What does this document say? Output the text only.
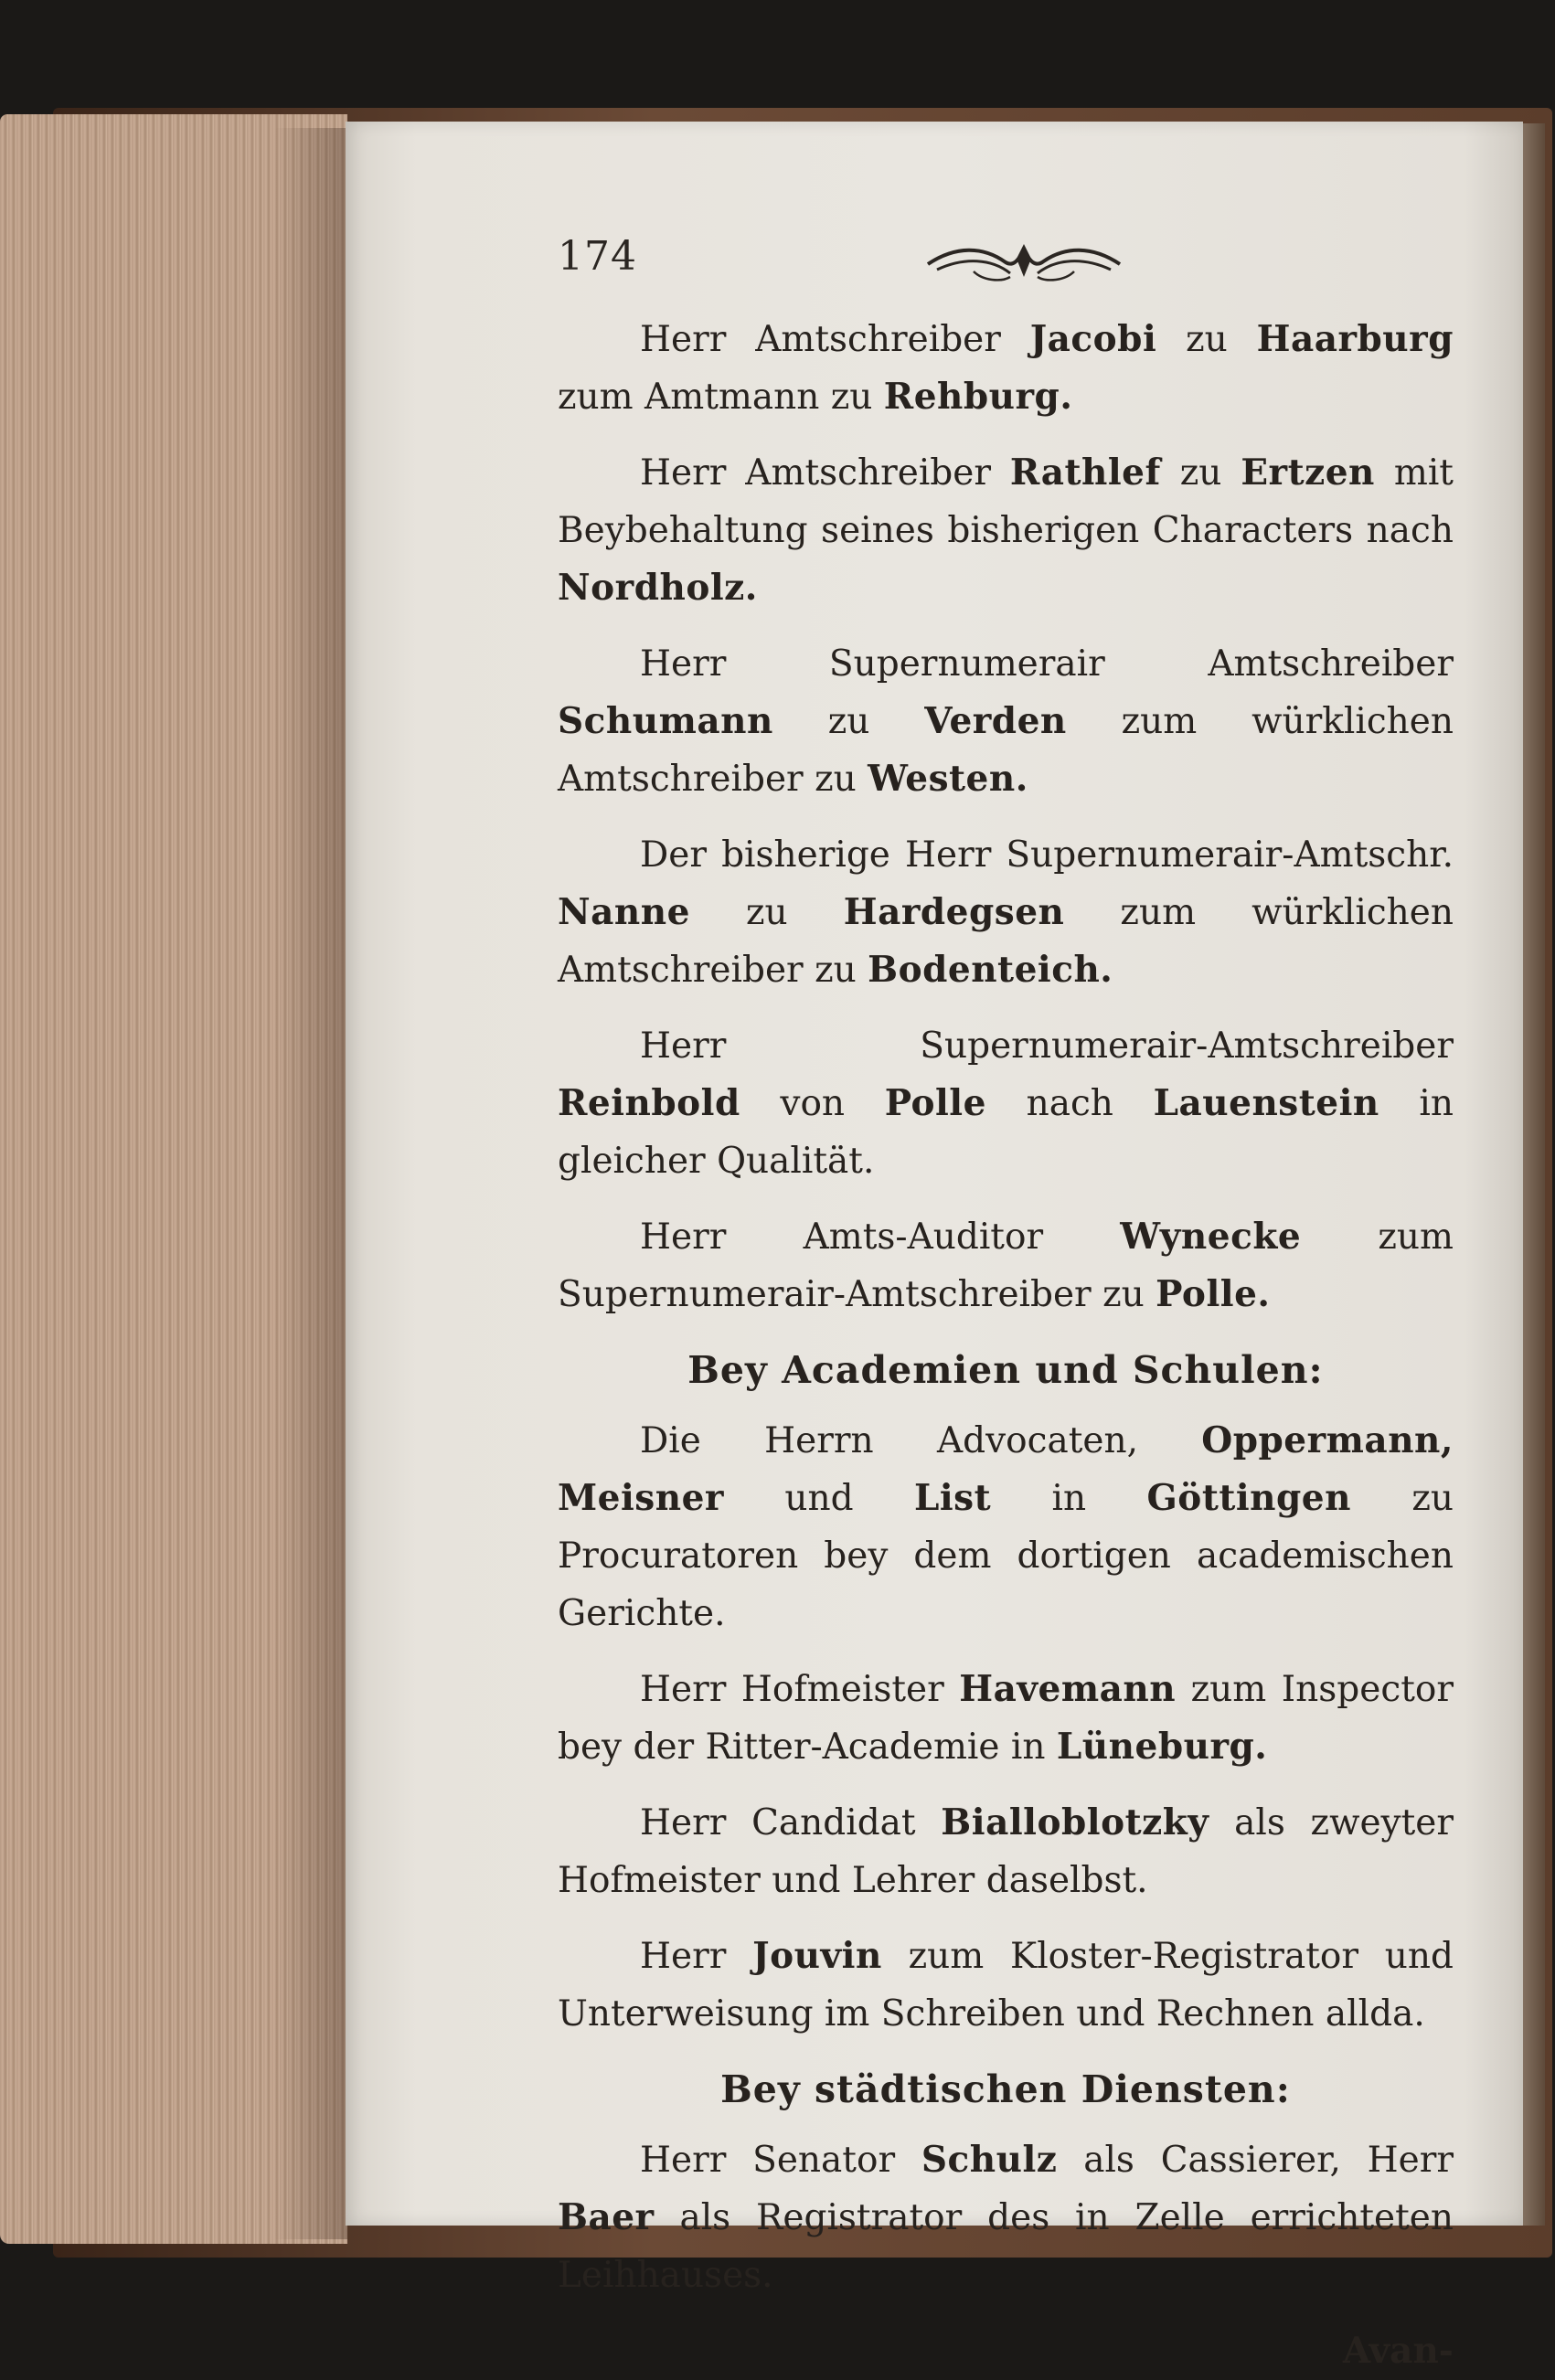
174

Herr Amtschreiber Jacobi zu Haarburg zum Amtmann zu Rehburg.

Herr Amtschreiber Rathlef zu Ertzen mit Beybehaltung seines bisherigen Characters nach Nordholz.

Herr Supernumerair Amtschreiber Schumann zu Verden zum würklichen Amtschreiber zu Westen.

Der bisherige Herr Supernumerair-Amtschr. Nanne zu Hardegsen zum würklichen Amtschreiber zu Bodenteich.

Herr Supernumerair-Amtschreiber Reinbold von Polle nach Lauenstein in gleicher Qualität.

Herr Amts-Auditor Wynecke zum Supernumerair-Amtschreiber zu Polle.

Bey Academien und Schulen:

Die Herrn Advocaten, Oppermann, Meisner und List in Göttingen zu Procuratoren bey dem dortigen academischen Gerichte.

Herr Hofmeister Havemann zum Inspector bey der Ritter-Academie in Lüneburg.

Herr Candidat Bialloblotzky als zweyter Hofmeister und Lehrer daselbst.

Herr Jouvin zum Kloster-Registrator und Unterweisung im Schreiben und Rechnen allda.

Bey städtischen Diensten:

Herr Senator Schulz als Cassierer, Herr Baer als Registrator des in Zelle errichteten Leihhauses.

Avan-
